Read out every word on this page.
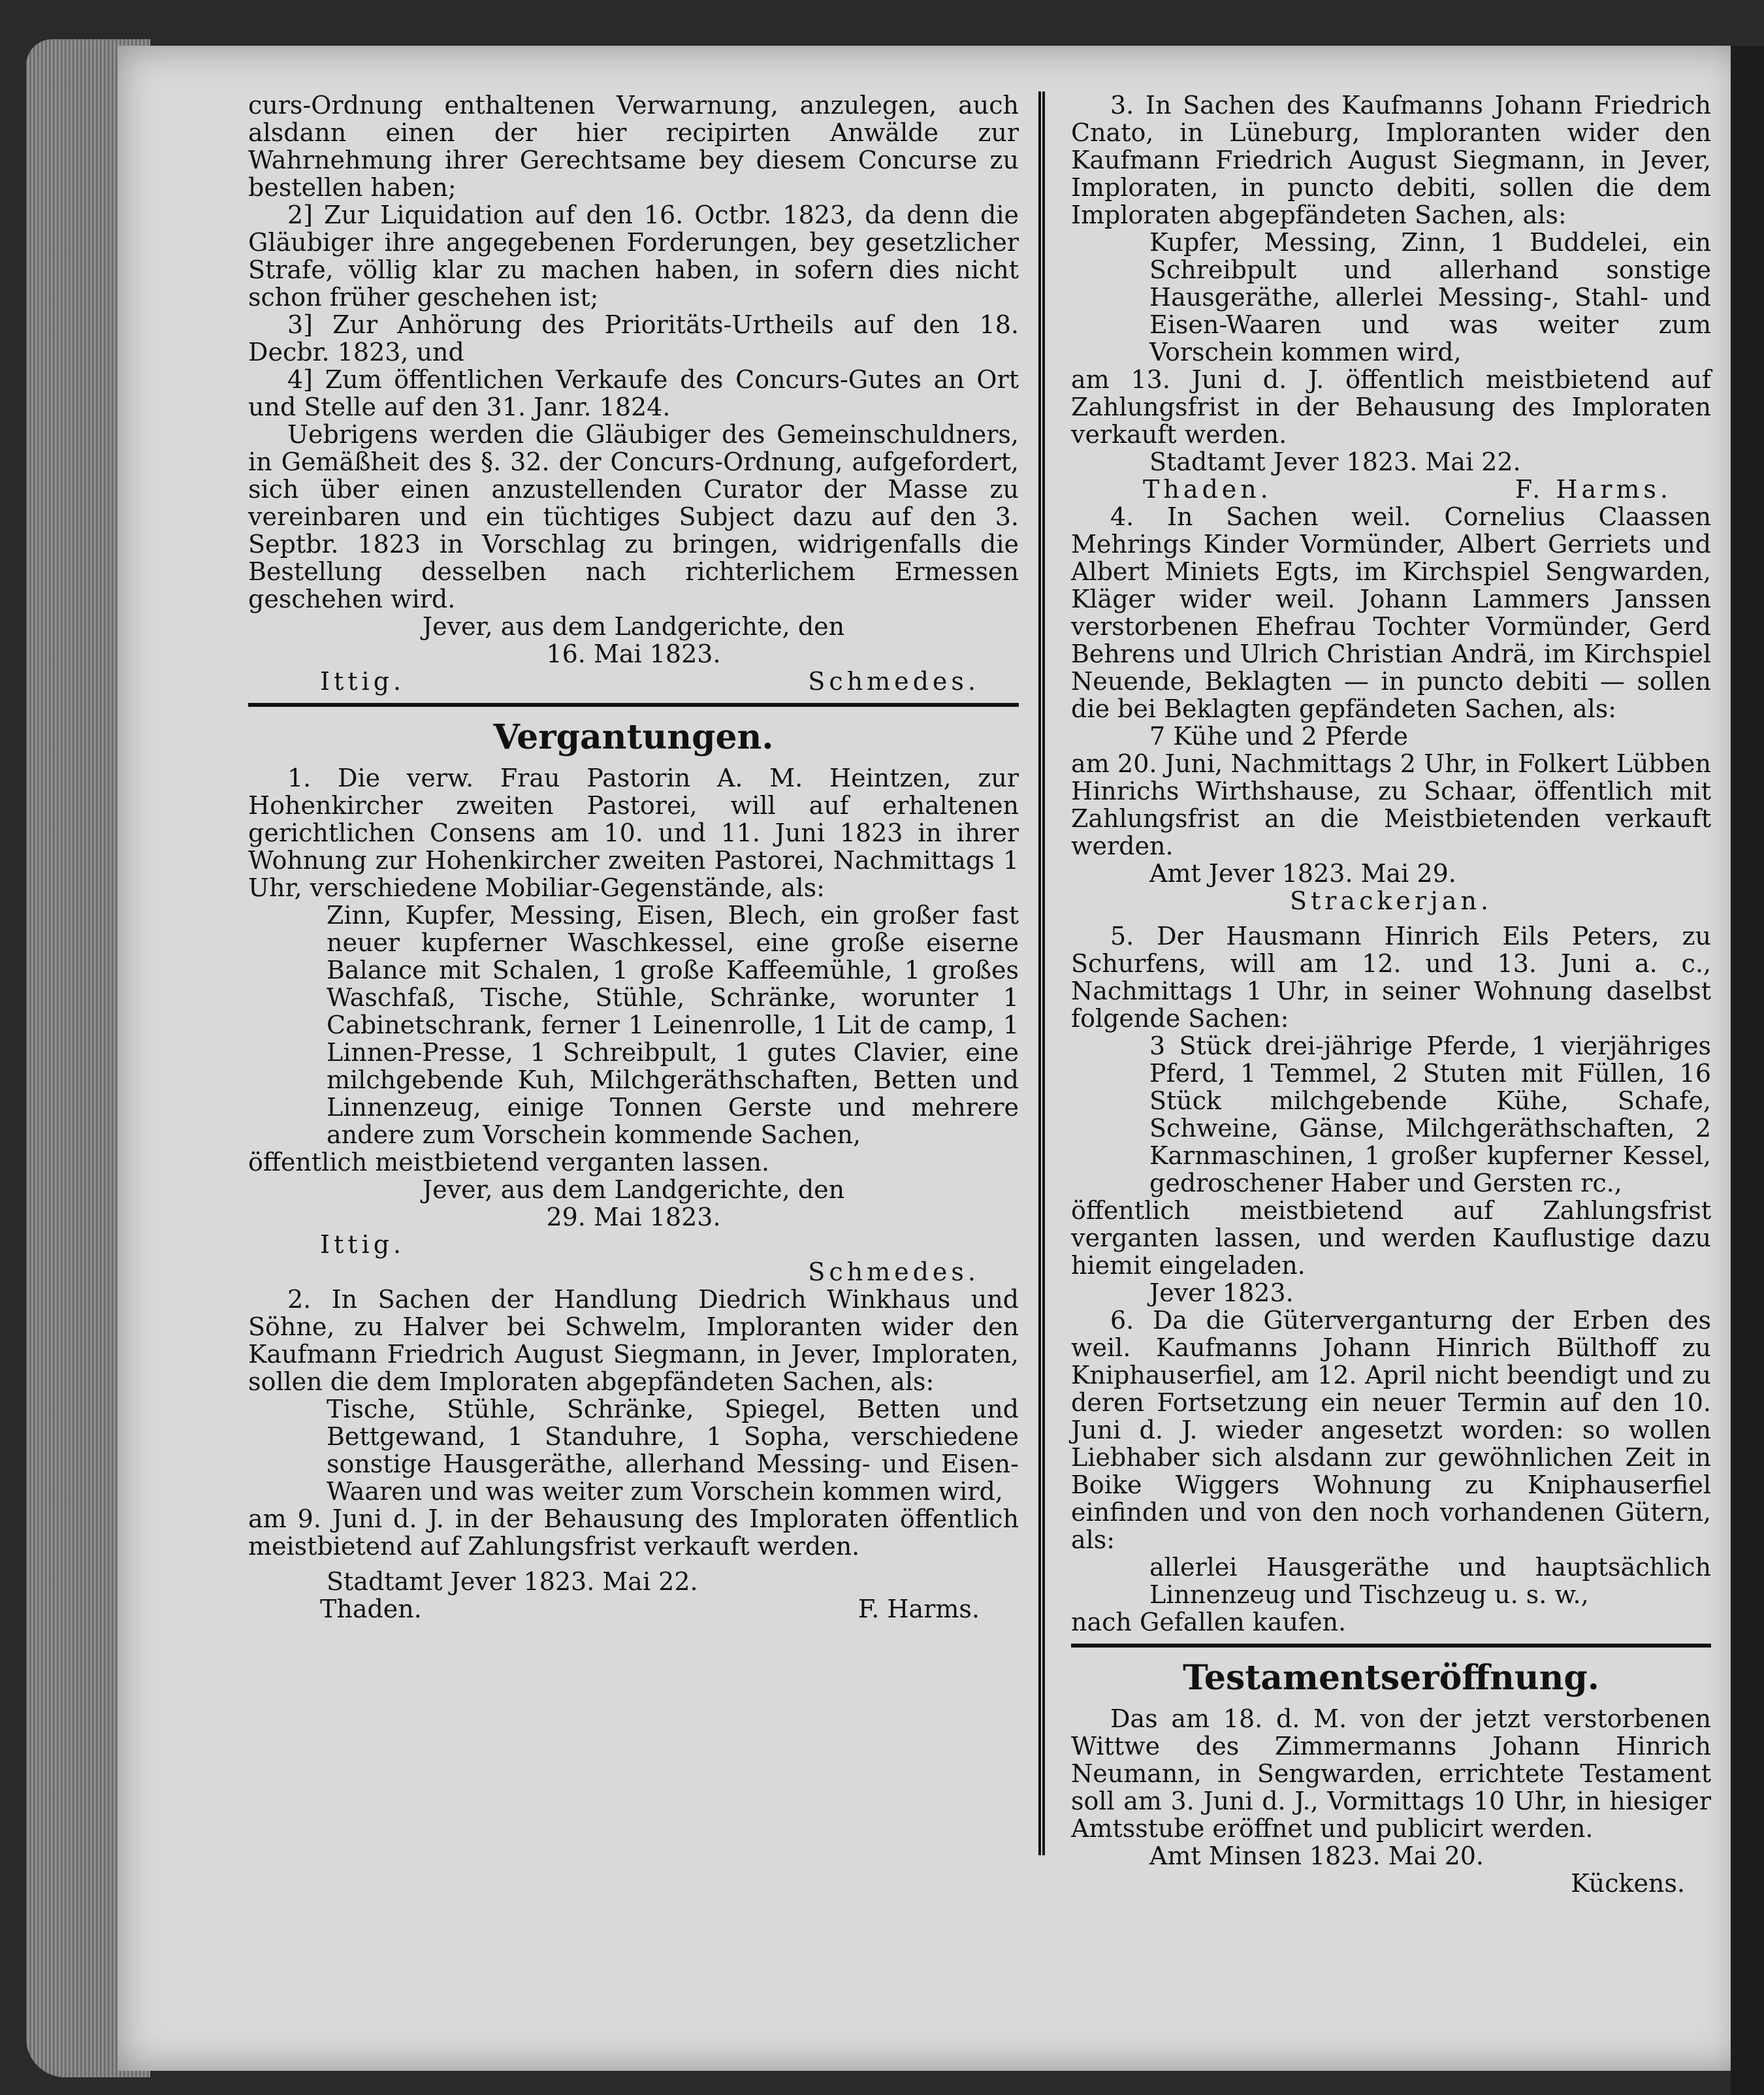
curs-Ordnung enthaltenen Verwarnung, anzulegen, auch alsdann einen der hier recipirten Anwälde zur Wahrnehmung ihrer Gerechtsame bey diesem Concurse zu bestellen haben;

2] Zur Liquidation auf den 16. Octbr. 1823, da denn die Gläubiger ihre angegebenen Forderungen, bey gesetzlicher Strafe, völlig klar zu machen haben, in sofern dies nicht schon früher geschehen ist;

3] Zur Anhörung des Prioritäts-Urtheils auf den 18. Decbr. 1823, und

4] Zum öffentlichen Verkaufe des Concurs-Gutes an Ort und Stelle auf den 31. Janr. 1824.

Uebrigens werden die Gläubiger des Gemeinschuldners, in Gemäßheit des §. 32. der Concurs-Ordnung, aufgefordert, sich über einen anzustellenden Curator der Masse zu vereinbaren und ein tüchtiges Subject dazu auf den 3. Septbr. 1823 in Vorschlag zu bringen, widrigenfalls die Bestellung desselben nach richterlichem Ermessen geschehen wird.

Jever, aus dem Landgerichte, den

16. Mai 1823.

Ittig.	Schmedes.
Vergantungen.

1. Die verw. Frau Pastorin A. M. Heintzen, zur Hohenkircher zweiten Pastorei, will auf erhaltenen gerichtlichen Consens am 10. und 11. Juni 1823 in ihrer Wohnung zur Hohenkircher zweiten Pastorei, Nachmittags 1 Uhr, verschiedene Mobiliar-Gegenstände, als:

Zinn, Kupfer, Messing, Eisen, Blech, ein großer fast neuer kupferner Waschkessel, eine große eiserne Balance mit Schalen, 1 große Kaffeemühle, 1 großes Waschfaß, Tische, Stühle, Schränke, worunter 1 Cabinetschrank, ferner 1 Leinenrolle, 1 Lit de camp, 1 Linnen-Presse, 1 Schreibpult, 1 gutes Clavier, eine milchgebende Kuh, Milchgeräthschaften, Betten und Linnenzeug, einige Tonnen Gerste und mehrere andere zum Vorschein kommende Sachen,

öffentlich meistbietend verganten lassen.

Jever, aus dem Landgerichte, den

29. Mai 1823.

Ittig.

Schmedes.

2. In Sachen der Handlung Diedrich Winkhaus und Söhne, zu Halver bei Schwelm, Imploranten wider den Kaufmann Friedrich August Siegmann, in Jever, Imploraten, sollen die dem Imploraten abgepfändeten Sachen, als:

Tische, Stühle, Schränke, Spiegel, Betten und Bettgewand, 1 Standuhre, 1 Sopha, verschiedene sonstige Hausgeräthe, allerhand Messing- und Eisen-Waaren und was weiter zum Vorschein kommen wird,

am 9. Juni d. J. in der Behausung des Imploraten öffentlich meistbietend auf Zahlungsfrist verkauft werden.

Stadtamt Jever 1823. Mai 22.

Thaden.	F. Harms.

3. In Sachen des Kaufmanns Johann Friedrich Cnato, in Lüneburg, Imploranten wider den Kaufmann Friedrich August Siegmann, in Jever, Imploraten, in puncto debiti, sollen die dem Imploraten abgepfändeten Sachen, als:

Kupfer, Messing, Zinn, 1 Buddelei, ein Schreibpult und allerhand sonstige Hausgeräthe, allerlei Messing-, Stahl- und Eisen-Waaren und was weiter zum Vorschein kommen wird,

am 13. Juni d. J. öffentlich meistbietend auf Zahlungsfrist in der Behausung des Imploraten verkauft werden.

Stadtamt Jever 1823. Mai 22.

Thaden.	F. Harms.

4. In Sachen weil. Cornelius Claassen Mehrings Kinder Vormünder, Albert Gerriets und Albert Miniets Egts, im Kirchspiel Sengwarden, Kläger wider weil. Johann Lammers Janssen verstorbenen Ehefrau Tochter Vormünder, Gerd Behrens und Ulrich Christian Andrä, im Kirchspiel Neuende, Beklagten — in puncto debiti — sollen die bei Beklagten gepfändeten Sachen, als:

7 Kühe und 2 Pferde

am 20. Juni, Nachmittags 2 Uhr, in Folkert Lübben Hinrichs Wirthshause, zu Schaar, öffentlich mit Zahlungsfrist an die Meistbietenden verkauft werden.

Amt Jever 1823. Mai 29.

Strackerjan.

5. Der Hausmann Hinrich Eils Peters, zu Schurfens, will am 12. und 13. Juni a. c., Nachmittags 1 Uhr, in seiner Wohnung daselbst folgende Sachen:

3 Stück drei-jährige Pferde, 1 vierjähriges Pferd, 1 Temmel, 2 Stuten mit Füllen, 16 Stück milchgebende Kühe, Schafe, Schweine, Gänse, Milchgeräthschaften, 2 Karnmaschinen, 1 großer kupferner Kessel, gedroschener Haber und Gersten rc.,

öffentlich meistbietend auf Zahlungsfrist verganten lassen, und werden Kauflustige dazu hiemit eingeladen.

Jever 1823.

6. Da die Güterverganturng der Erben des weil. Kaufmanns Johann Hinrich Bülthoff zu Kniphauserfiel, am 12. April nicht beendigt und zu deren Fortsetzung ein neuer Termin auf den 10. Juni d. J. wieder angesetzt worden: so wollen Liebhaber sich alsdann zur gewöhnlichen Zeit in Boike Wiggers Wohnung zu Kniphauserfiel einfinden und von den noch vorhandenen Gütern, als:

allerlei Hausgeräthe und hauptsächlich Linnenzeug und Tischzeug u. s. w.,

nach Gefallen kaufen.

Testamentseröffnung.

Das am 18. d. M. von der jetzt verstorbenen Wittwe des Zimmermanns Johann Hinrich Neumann, in Sengwarden, errichtete Testament soll am 3. Juni d. J., Vormittags 10 Uhr, in hiesiger Amtsstube eröffnet und publicirt werden.

Amt Minsen 1823. Mai 20.

Kückens.
